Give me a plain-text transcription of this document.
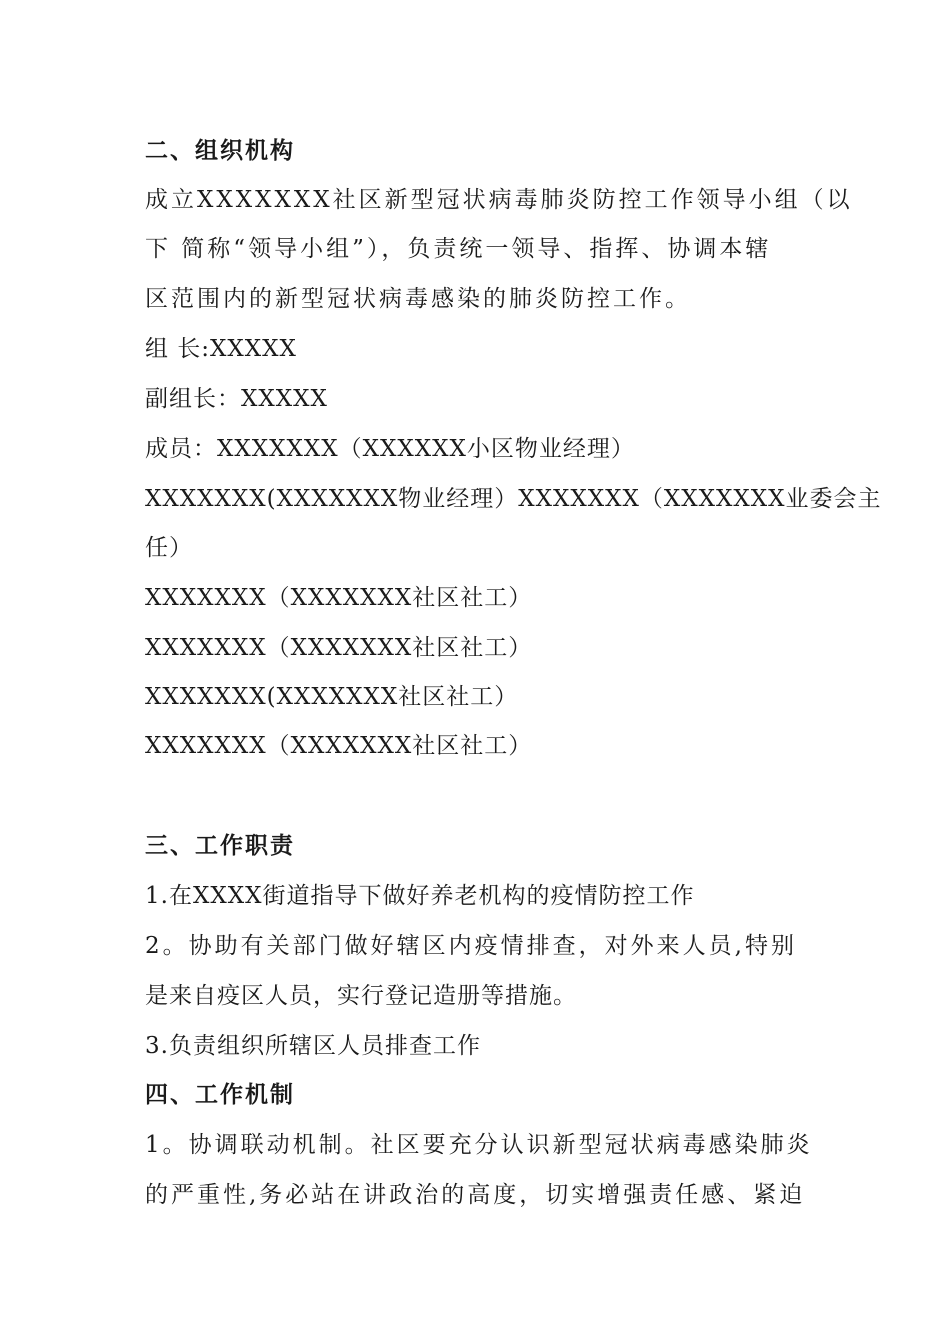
二、组织机构
成立XXXXXXX社区新型冠状病毒肺炎防控工作领导小组（以
下 简称“领导小组”），负责统一领导、指挥、协调本辖
区范围内的新型冠状病毒感染的肺炎防控工作。
组 长:XXXXX
副组长：XXXXX
成员：XXXXXXX（XXXXXX小区物业经理）
XXXXXXX(XXXXXXX物业经理）XXXXXXX（XXXXXXX业委会主
任）
XXXXXXX（XXXXXXX社区社工）
XXXXXXX（XXXXXXX社区社工）
XXXXXXX(XXXXXXX社区社工）
XXXXXXX（XXXXXXX社区社工）
三、工作职责
1.在XXXX街道指导下做好养老机构的疫情防控工作
2。协助有关部门做好辖区内疫情排查，对外来人员,特别
是来自疫区人员，实行登记造册等措施。
3.负责组织所辖区人员排查工作
四、工作机制
1。协调联动机制。社区要充分认识新型冠状病毒感染肺炎
的严重性,务必站在讲政治的高度，切实增强责任感、紧迫
